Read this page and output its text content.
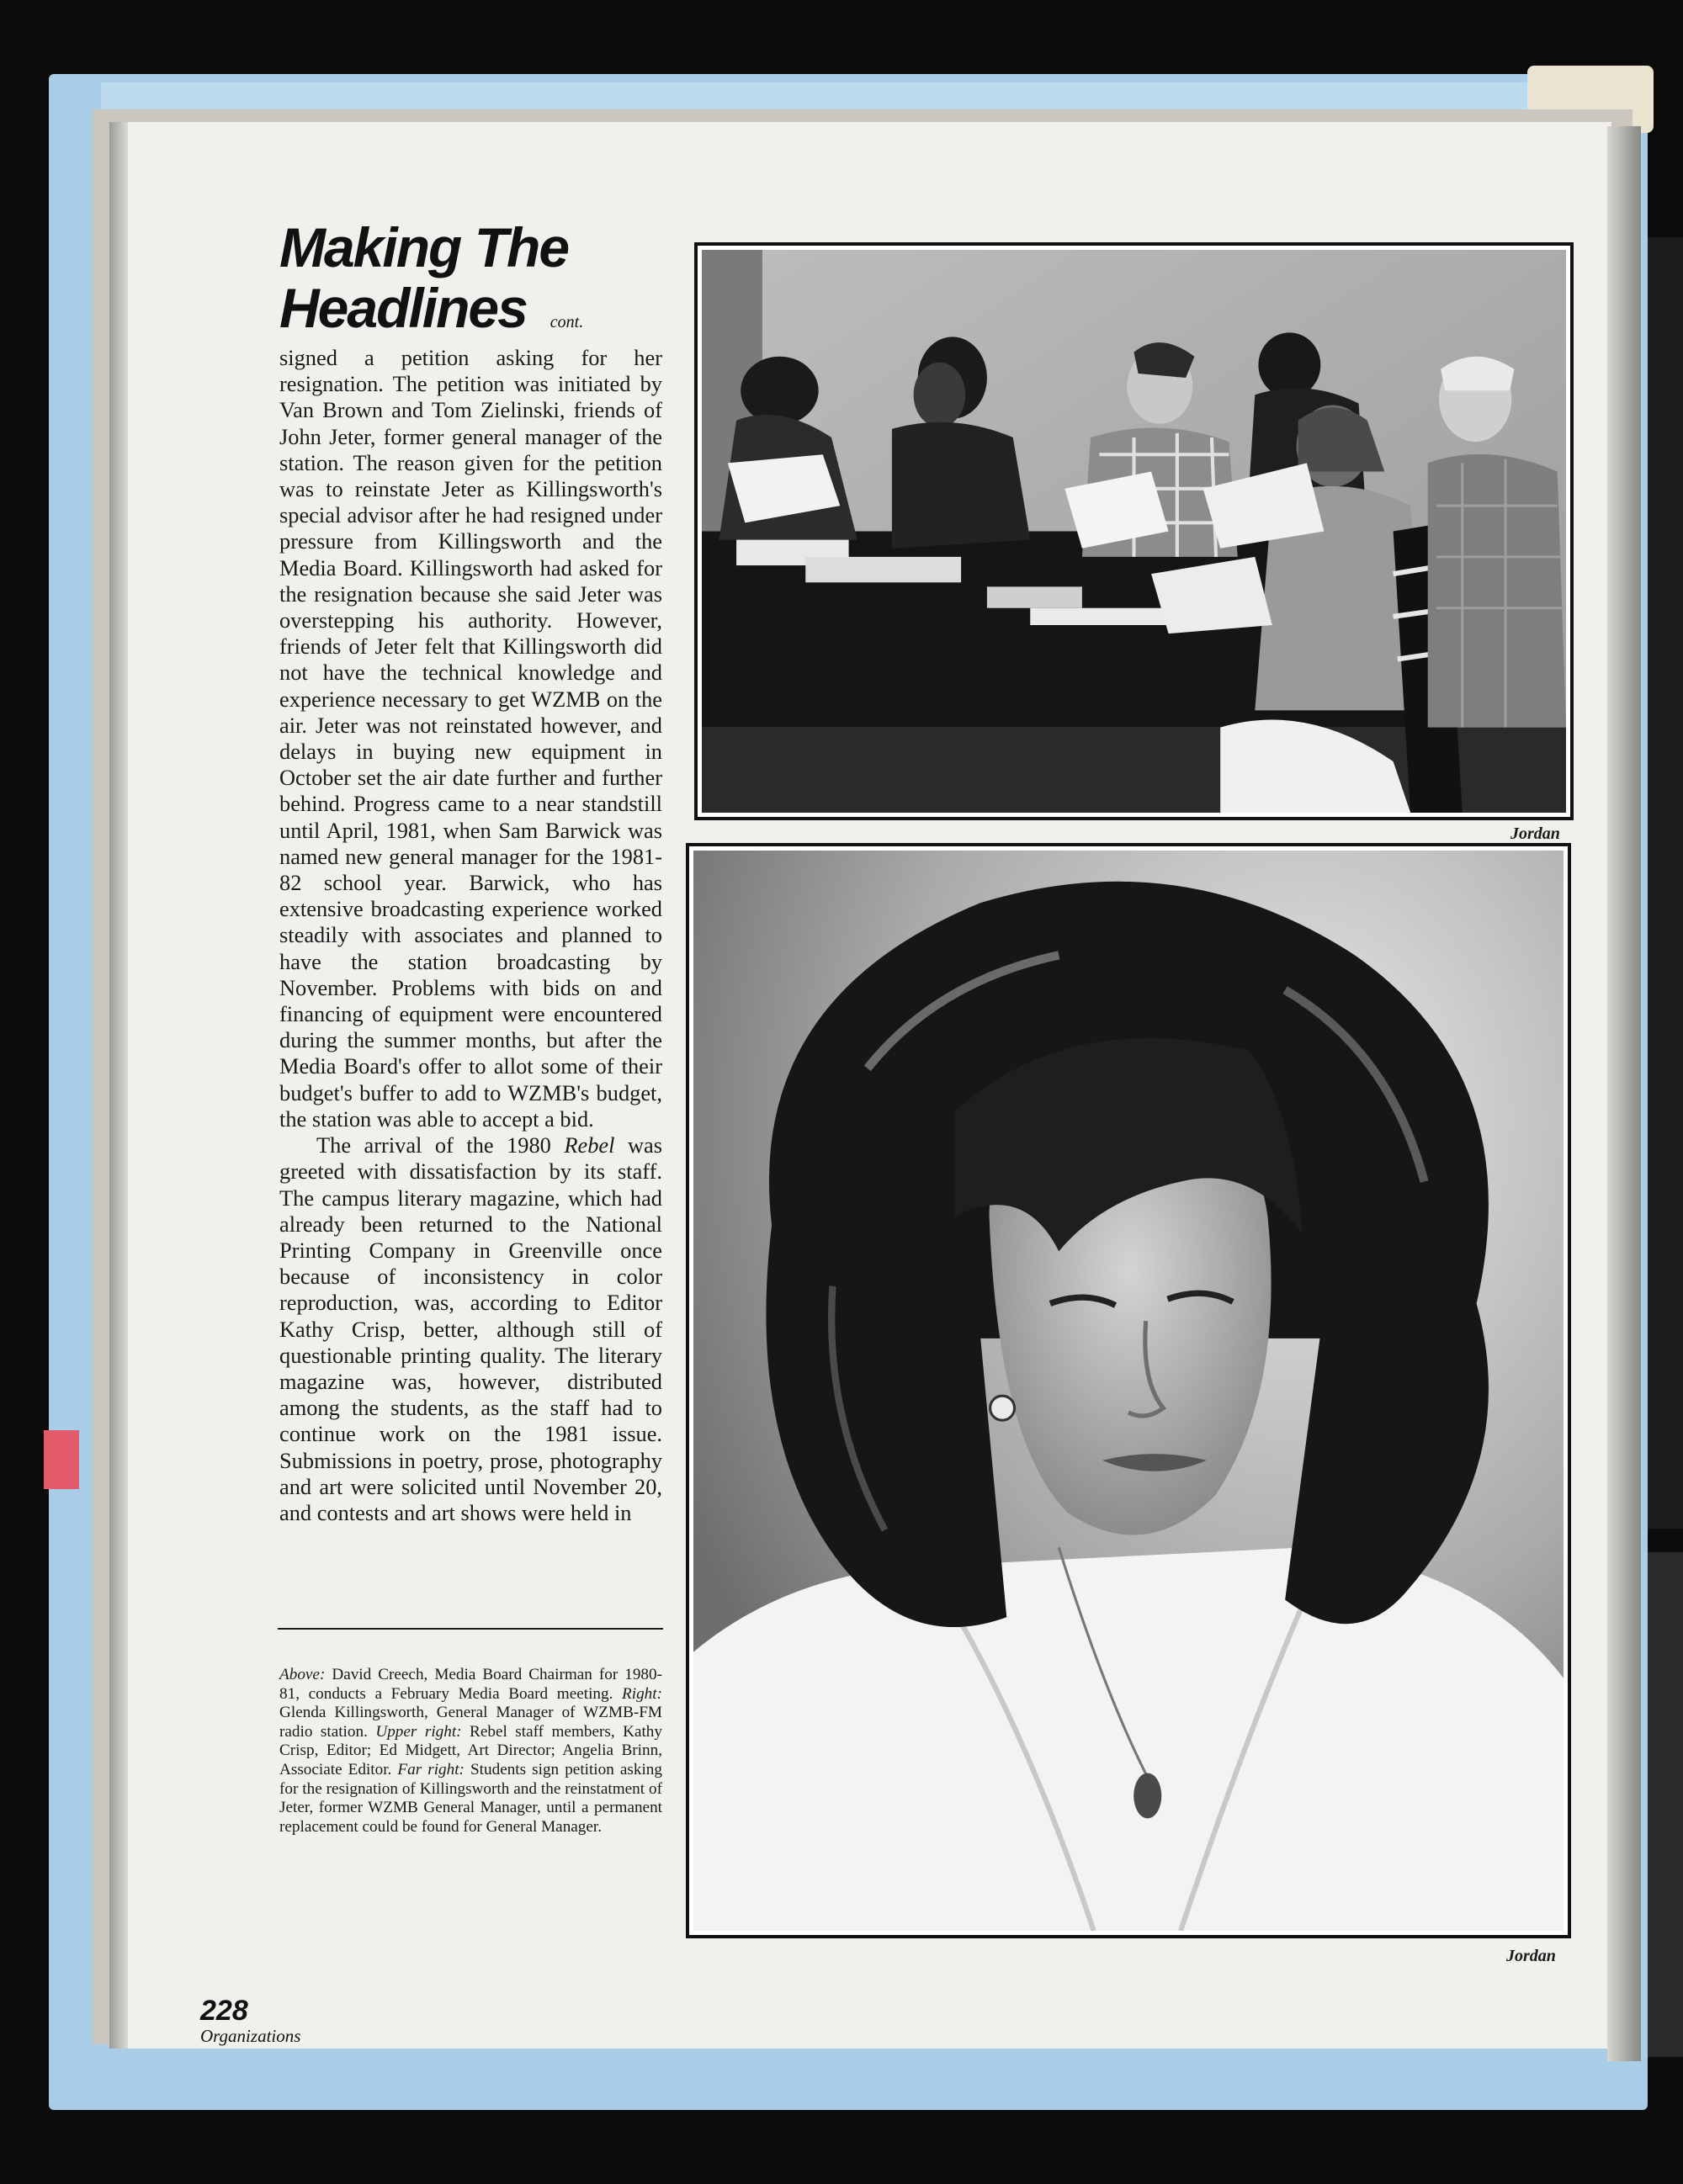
Making The
Headlines cont.

signed a petition asking for her resignation. The petition was initiated by Van Brown and Tom Zielinski, friends of John Jeter, former general manager of the station. The reason given for the petition was to reinstate Jeter as Killingsworth's special advisor after he had resigned under pressure from Killingsworth and the Media Board. Killingsworth had asked for the resignation because she said Jeter was overstepping his authority. However, friends of Jeter felt that Killingsworth did not have the technical knowledge and experience necessary to get WZMB on the air. Jeter was not reinstated however, and delays in buying new equipment in October set the air date further and further behind. Progress came to a near standstill until April, 1981, when Sam Barwick was named new general manager for the 1981-82 school year. Barwick, who has extensive broadcasting experience worked steadily with associates and planned to have the station broadcasting by November. Problems with bids on and financing of equipment were encountered during the summer months, but after the Media Board's offer to allot some of their budget's buffer to add to WZMB's budget, the station was able to accept a bid.

The arrival of the 1980 Rebel was greeted with dissatisfaction by its staff. The campus literary magazine, which had already been returned to the National Printing Company in Greenville once because of inconsistency in color reproduction, was, according to Editor Kathy Crisp, better, although still of questionable printing quality. The literary magazine was, however, distributed among the students, as the staff had to continue work on the 1981 issue. Submissions in poetry, prose, photography and art were solicited until November 20, and contests and art shows were held in

Above: David Creech, Media Board Chairman for 1980-81, conducts a February Media Board meeting. Right: Glenda Killingsworth, General Manager of WZMB-FM radio station. Upper right: Rebel staff members, Kathy Crisp, Editor; Ed Midgett, Art Director; Angelia Brinn, Associate Editor. Far right: Students sign petition asking for the resignation of Killingsworth and the reinstatment of Jeter, former WZMB General Manager, until a permanent replacement could be found for General Manager.

Jordan
Jordan
228
Organizations
